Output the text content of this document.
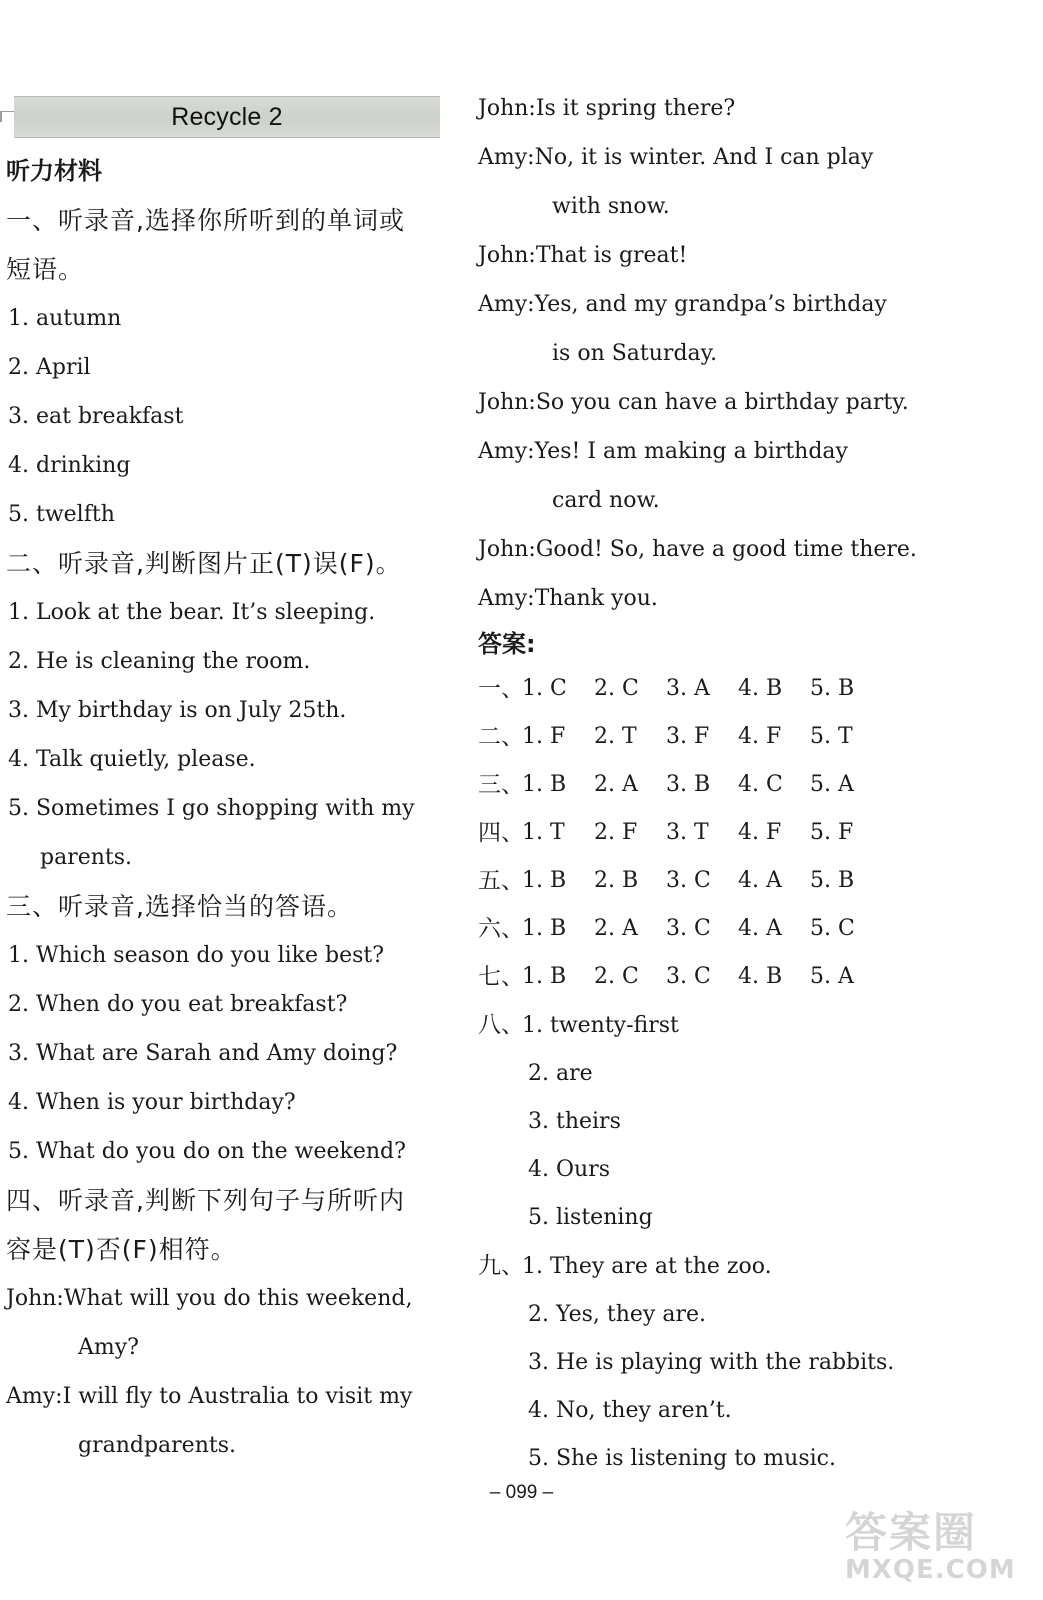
Recycle 2
听力材料
一、听录音,选择你所听到的单词或
短语。
1. autumn
2. April
3. eat breakfast
4. drinking
5. twelfth
二、听录音,判断图片正(T)误(F)。
1. Look at the bear. It’s sleeping.
2. He is cleaning the room.
3. My birthday is on July 25th.
4. Talk quietly, please.
5. Sometimes I go shopping with my
parents.
三、听录音,选择恰当的答语。
1. Which season do you like best?
2. When do you eat breakfast?
3. What are Sarah and Amy doing?
4. When is your birthday?
5. What do you do on the weekend?
四、听录音,判断下列句子与所听内
容是(T)否(F)相符。
John: What will you do this weekend,
Amy?
Amy: I will fly to Australia to visit my
grandparents.
John: Is it spring there?
Amy: No, it is winter. And I can play
with snow.
John: That is great!
Amy: Yes, and my grandpa’s birthday
is on Saturday.
John: So you can have a birthday party.
Amy: Yes! I am making a birthday
card now.
John: Good! So, have a good time there.
Amy: Thank you.
答案:
一、
1. C	2. C	3. A	4. B	5. B
二、
1. F	2. T	3. F	4. F	5. T
三、
1. B	2. A	3. B	4. C	5. A
四、
1. T	2. F	3. T	4. F	5. F
五、
1. B	2. B	3. C	4. A	5. B
六、
1. B	2. A	3. C	4. A	5. C
七、
1. B	2. C	3. C	4. B	5. A
八、1. twenty-first
2. are
3. theirs
4. Ours
5. listening
九、1. They are at the zoo.
2. Yes, they are.
3. He is playing with the rabbits.
4. No, they aren’t.
5. She is listening to music.
– 099 –
答案圈
MXQE.COM
